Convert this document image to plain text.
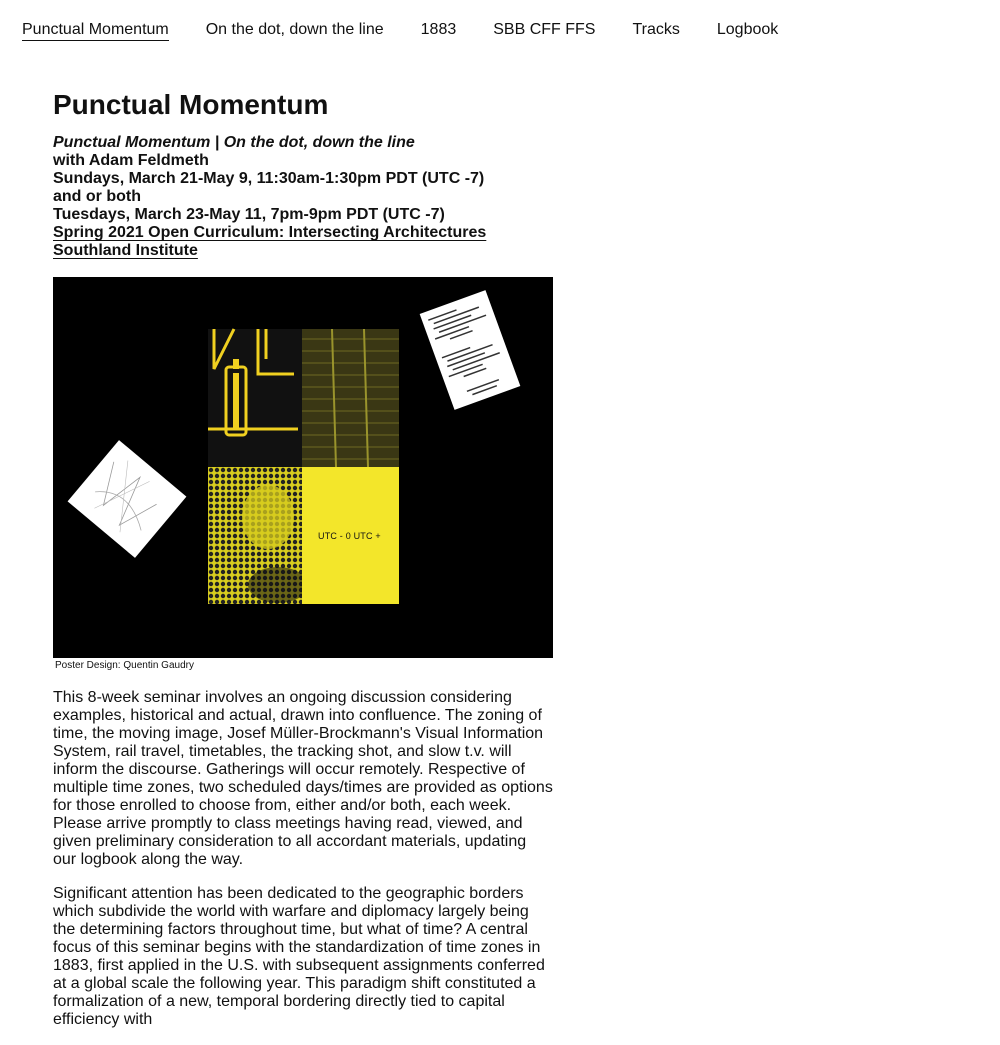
Punctual Momentum On the dot, down the line 1883 SBB CFF FFS Tracks Logbook
Punctual Momentum
Punctual Momentum | On the dot, down the line
with Adam Feldmeth
Sundays, March 21-May 9, 11:30am-1:30pm PDT (UTC -7)
and or both
Tuesdays, March 23-May 11, 7pm-9pm PDT (UTC -7)
Spring 2021 Open Curriculum: Intersecting Architectures
Southland Institute
UTC - 0 UTC +
Poster Design: Quentin Gaudry

This 8-week seminar involves an ongoing discussion considering examples, historical and actual, drawn into confluence. The zoning of time, the moving image, Josef Müller-Brockmann's Visual Information System, rail travel, timetables, the tracking shot, and slow t.v. will inform the discourse. Gatherings will occur remotely. Respective of multiple time zones, two scheduled days/times are provided as options for those enrolled to choose from, either and/or both, each week. Please arrive promptly to class meetings having read, viewed, and given preliminary consideration to all accordant materials, updating our logbook along the way.

Significant attention has been dedicated to the geographic borders which subdivide the world with warfare and diplomacy largely being the determining factors throughout time, but what of time? A central focus of this seminar begins with the standardization of time zones in 1883, first applied in the U.S. with subsequent assignments conferred at a global scale the following year. This paradigm shift constituted a formalization of a new, temporal bordering directly tied to capital efficiency with
